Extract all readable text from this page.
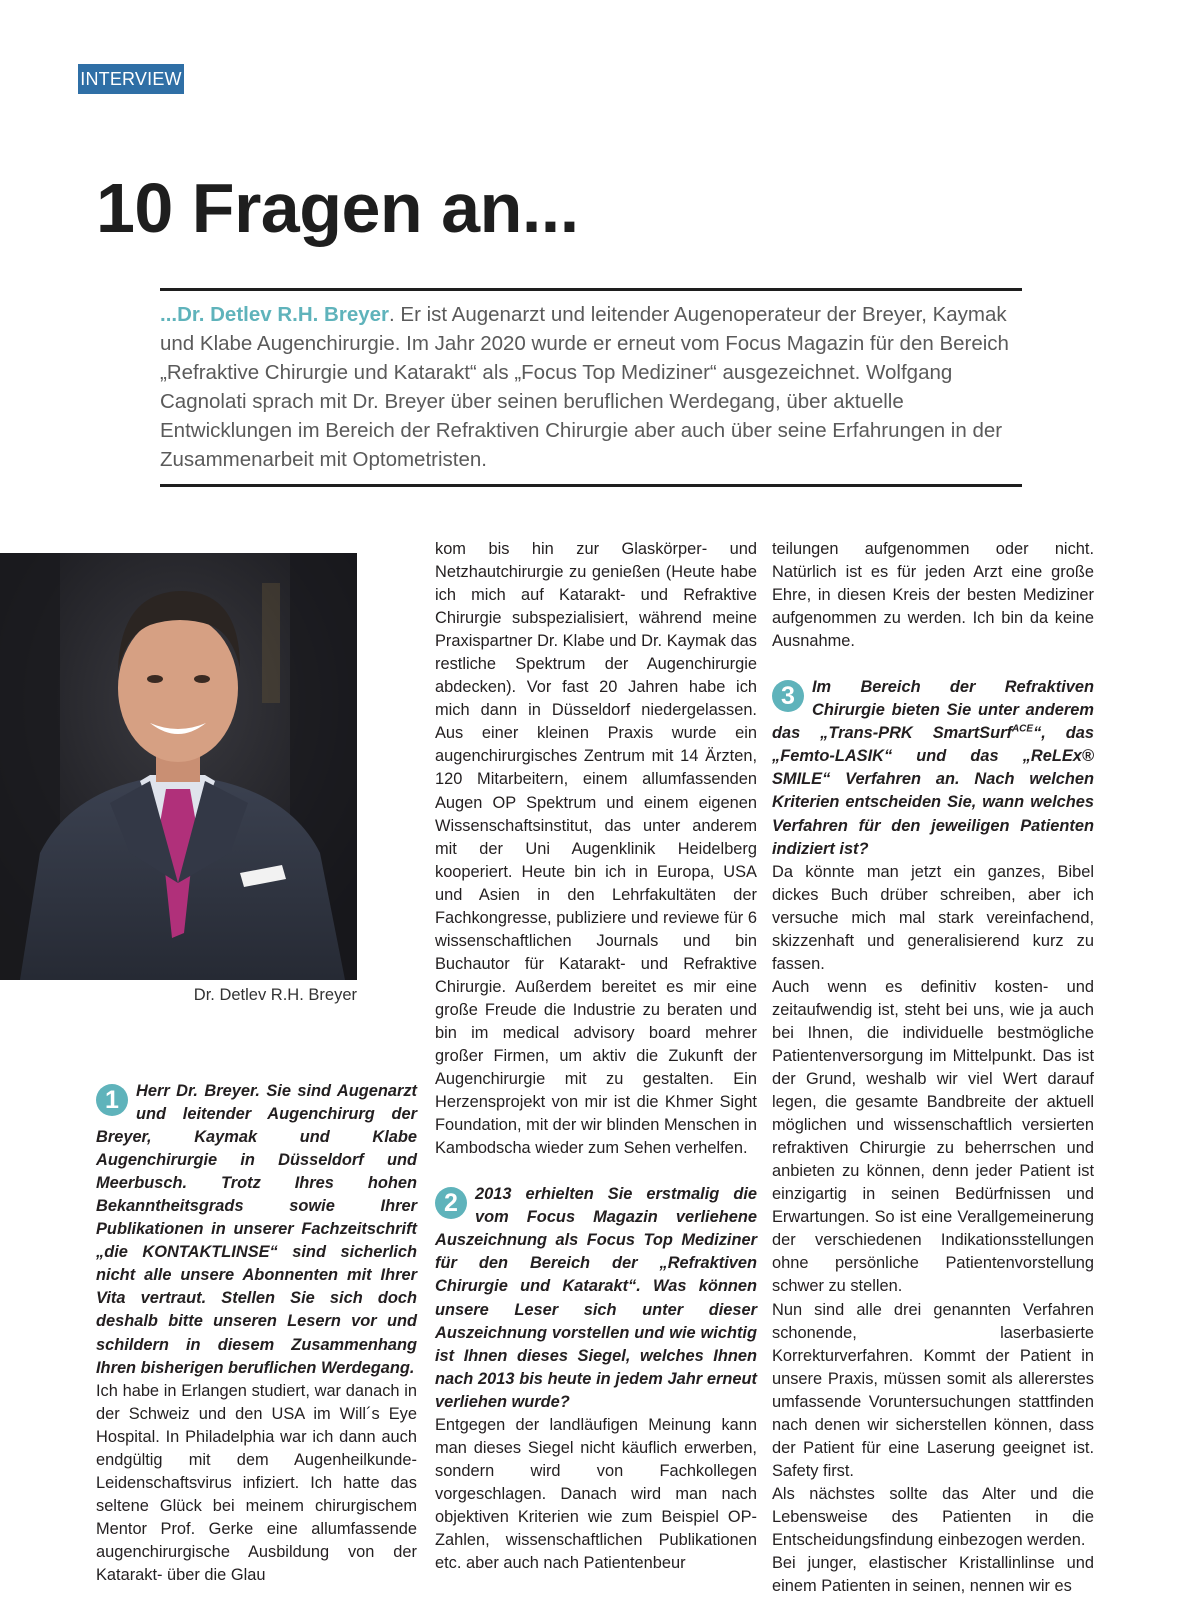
INTERVIEW
10 Fragen an...
...Dr. Detlev R.H. Breyer. Er ist Augenarzt und leitender Augenoperateur der Breyer, Kaymak und Klabe Augenchirurgie. Im Jahr 2020 wurde er erneut vom Focus Magazin für den Bereich „Refraktive Chirurgie und Katarakt“ als „Focus Top Mediziner“ ausgezeichnet. Wolfgang Cagnolati sprach mit Dr. Breyer über seinen beruflichen Werdegang, über aktuelle Entwicklungen im Bereich der Refraktiven Chirurgie aber auch über seine Erfahrungen in der Zusammenarbeit mit Optometristen.
Dr. Detlev R.H. Breyer

1	Herr Dr. Breyer. Sie sind Augenarzt und leitender Augenchirurg der Breyer, Kaymak und Klabe Augenchirurgie in Düsseldorf und Meerbusch. Trotz Ihres hohen Bekanntheitsgrads sowie Ihrer Publikationen in unserer Fachzeitschrift „die KONTAKTLINSE“ sind sicherlich nicht alle unsere Abonnenten mit Ihrer Vita vertraut. Stellen Sie sich doch deshalb bitte unseren Lesern vor und schildern in diesem Zusammenhang Ihren bisherigen beruflichen Werdegang.

Ich habe in Erlangen studiert, war danach in der Schweiz und den USA im Will´s Eye Hospital. In Philadelphia war ich dann auch endgültig mit dem Augenheilkunde-Leidenschaftsvirus infiziert. Ich hatte das seltene Glück bei meinem chirurgischem Mentor Prof. Gerke eine allumfassende augenchirurgische Ausbildung von der Katarakt- über die Glau

kom bis hin zur Glaskörper- und Netzhautchirurgie zu genießen (Heute habe ich mich auf Katarakt- und Refraktive Chirurgie subspezialisiert, während meine Praxispartner Dr. Klabe und Dr. Kaymak das restliche Spektrum der Augenchirurgie abdecken). Vor fast 20 Jahren habe ich mich dann in Düsseldorf niedergelassen. Aus einer kleinen Praxis wurde ein augenchirurgisches Zentrum mit 14 Ärzten, 120 Mitarbeitern, einem allumfassenden Augen OP Spektrum und einem eigenen Wissenschaftsinstitut, das unter anderem mit der Uni Augenklinik Heidelberg kooperiert. Heute bin ich in Europa, USA und Asien in den Lehrfakultäten der Fachkongresse, publiziere und reviewe für 6 wissenschaftlichen Journals und bin Buchautor für Katarakt- und Refraktive Chirurgie. Außerdem bereitet es mir eine große Freude die Industrie zu beraten und bin im medical advisory board mehrer großer Firmen, um aktiv die Zukunft der Augenchirurgie mit zu gestalten. Ein Herzensprojekt von mir ist die Khmer Sight Foundation, mit der wir blinden Menschen in Kambodscha wieder zum Sehen verhelfen.

2	2013 erhielten Sie erstmalig die vom Focus Magazin verliehene Auszeichnung als Focus Top Mediziner für den Bereich der „Refraktiven Chirurgie und Katarakt“. Was können unsere Leser sich unter dieser Auszeichnung vorstellen und wie wichtig ist Ihnen dieses Siegel, welches Ihnen nach 2013 bis heute in jedem Jahr erneut verliehen wurde?

Entgegen der landläufigen Meinung kann man dieses Siegel nicht käuflich erwerben, sondern wird von Fachkollegen vorgeschlagen. Danach wird man nach objektiven Kriterien wie zum Beispiel OP-Zahlen, wissenschaftlichen Publikationen etc. aber auch nach Patientenbeur

teilungen aufgenommen oder nicht. Natürlich ist es für jeden Arzt eine große Ehre, in diesen Kreis der besten Mediziner aufgenommen zu werden. Ich bin da keine Ausnahme.

3	Im Bereich der Refraktiven Chirurgie bieten Sie unter anderem das „Trans-PRK SmartSurf$^{ACE}$“, das „Femto-LASIK“ und das „ReLEx® SMILE“ Verfahren an. Nach welchen Kriterien entscheiden Sie, wann welches Verfahren für den jeweiligen Patienten indiziert ist?

Da könnte man jetzt ein ganzes, Bibel dickes Buch drüber schreiben, aber ich versuche mich mal stark vereinfachend, skizzenhaft und generalisierend kurz zu fassen.

Auch wenn es definitiv kosten- und zeitaufwendig ist, steht bei uns, wie ja auch bei Ihnen, die individuelle bestmögliche Patientenversorgung im Mittelpunkt. Das ist der Grund, weshalb wir viel Wert darauf legen, die gesamte Bandbreite der aktuell möglichen und wissenschaftlich versierten refraktiven Chirurgie zu beherrschen und anbieten zu können, denn jeder Patient ist einzigartig in seinen Bedürfnissen und Erwartungen. So ist eine Verallgemeinerung der verschiedenen Indikationsstellungen ohne persönliche Patientenvorstellung schwer zu stellen.

Nun sind alle drei genannten Verfahren schonende, laserbasierte Korrekturverfahren. Kommt der Patient in unsere Praxis, müssen somit als allererstes umfassende Voruntersuchungen stattfinden nach denen wir sicherstellen können, dass der Patient für eine Laserung geeignet ist. Safety first.

Als nächstes sollte das Alter und die Lebensweise des Patienten in die Entscheidungsfindung einbezogen werden.

Bei junger, elastischer Kristallinlinse und einem Patienten in seinen, nennen wir es
